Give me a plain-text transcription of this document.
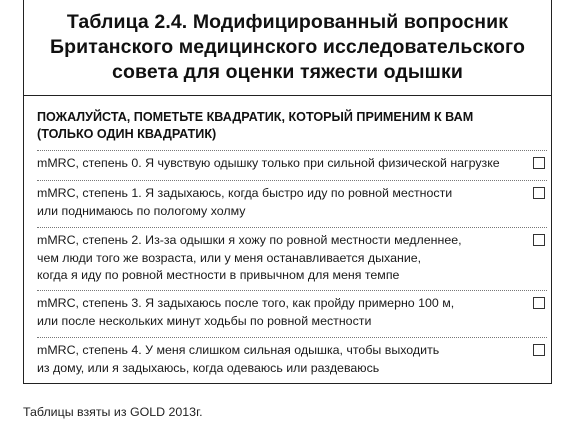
Таблица 2.4. Модифицированный вопросник
Британского медицинского исследовательского
совета для оценки тяжести одышки
ПОЖАЛУЙСТА, ПОМЕТЬТЕ КВАДРАТИК, КОТОРЫЙ ПРИМЕНИМ К ВАМ
(ТОЛЬКО ОДИН КВАДРАТИК)
mMRC, степень 0. Я чувствую одышку только при сильной физической нагрузке
mMRC, степень 1. Я задыхаюсь, когда быстро иду по ровной местности
или поднимаюсь по пологому холму
mMRC, степень 2. Из-за одышки я хожу по ровной местности медленнее,
чем люди того же возраста, или у меня останавливается дыхание,
когда я иду по ровной местности в привычном для меня темпе
mMRC, степень 3. Я задыхаюсь после того, как пройду примерно 100 м,
или после нескольких минут ходьбы по ровной местности
mMRC, степень 4. У меня слишком сильная одышка, чтобы выходить
из дому, или я задыхаюсь, когда одеваюсь или раздеваюсь
Таблицы взяты из GOLD 2013г.
